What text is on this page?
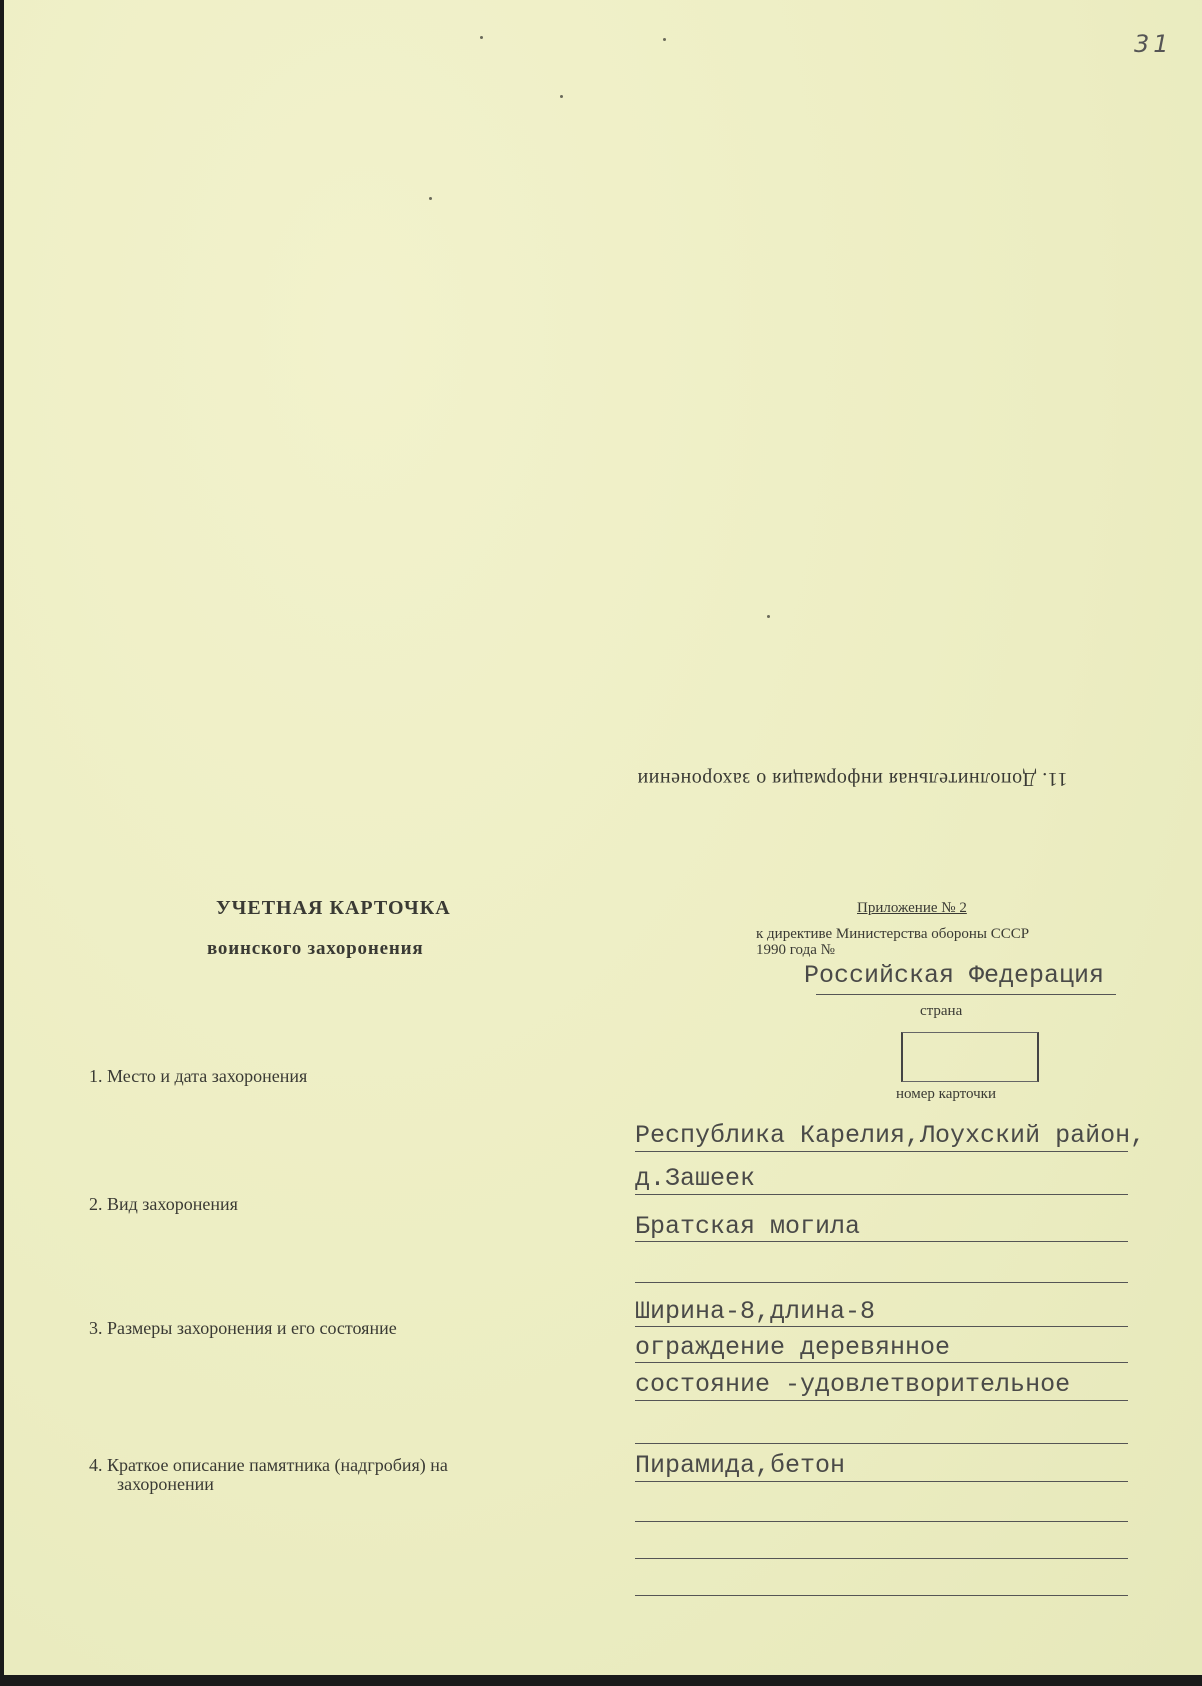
31
11. Дополнительная информация о захоронении
УЧЕТНАЯ КАРТОЧКА
воинского захоронения
Приложение № 2
к директиве Министерства обороны СССР
1990 года №
Российская Федерация
страна
номер карточки
1. Место и дата захоронения
Республика Карелия,Лоухский район,
д.Зашеек
2. Вид захоронения
Братская могила
3. Размеры захоронения и его состояние
Ширина-8,длина-8
ограждение деревянное
состояние -удовлетворительное
4. Краткое описание памятника (надгробия) на
захоронении
Пирамида,бетон
